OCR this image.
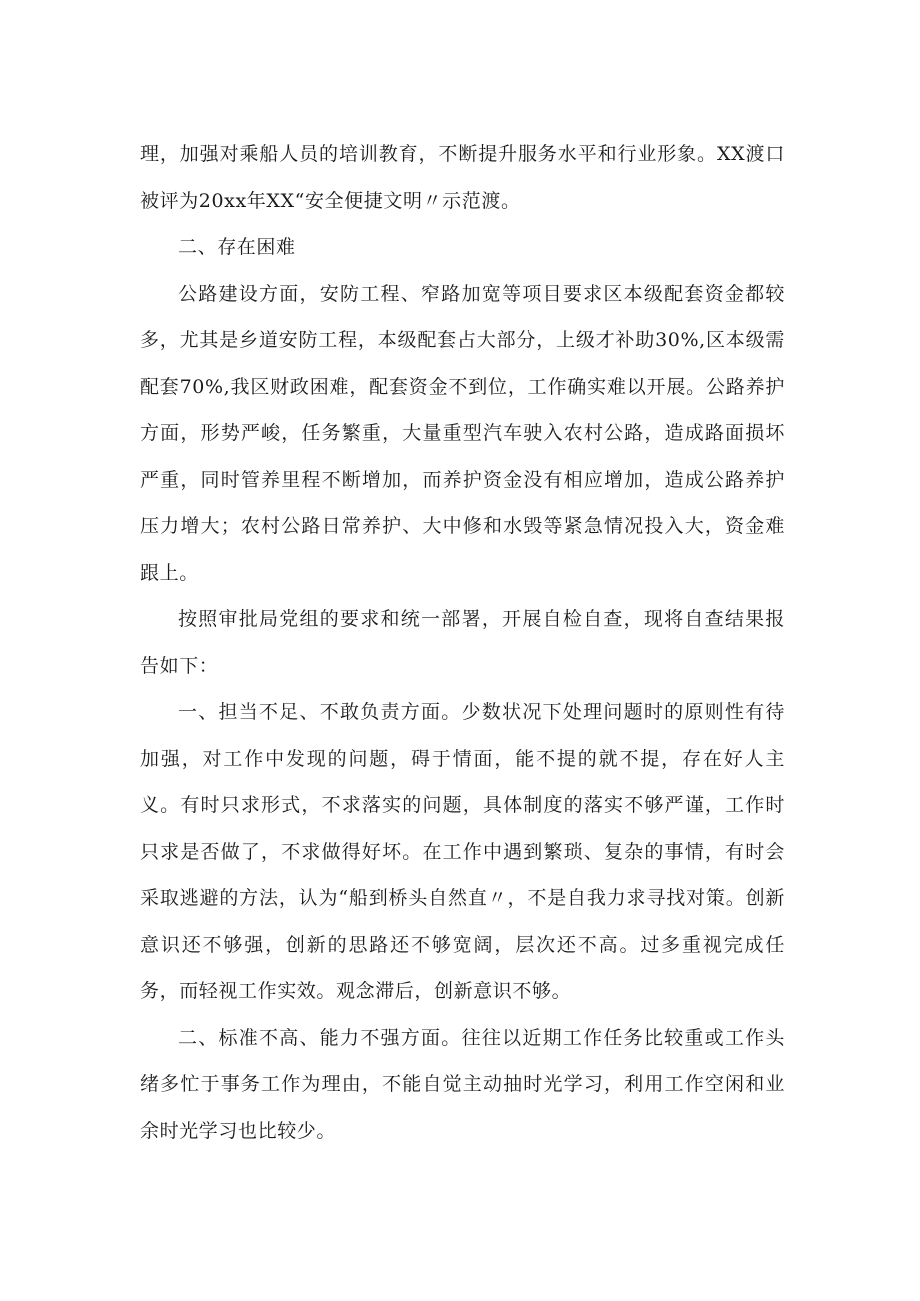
理，加强对乘船人员的培训教育，不断提升服务水平和行业形象。XX渡口被评为20xx年XX“安全便捷文明〃示范渡。

二、存在困难

公路建设方面，安防工程、窄路加宽等项目要求区本级配套资金都较多，尤其是乡道安防工程，本级配套占大部分，上级才补助30%,区本级需配套70%,我区财政困难，配套资金不到位，工作确实难以开展。公路养护方面，形势严峻，任务繁重，大量重型汽车驶入农村公路，造成路面损坏严重，同时管养里程不断增加，而养护资金没有相应增加，造成公路养护压力增大；农村公路日常养护、大中修和水毁等紧急情况投入大，资金难跟上。

按照审批局党组的要求和统一部署，开展自检自查，现将自查结果报告如下：

一、担当不足、不敢负责方面。少数状况下处理问题时的原则性有待加强，对工作中发现的问题，碍于情面，能不提的就不提，存在好人主义。有时只求形式，不求落实的问题，具体制度的落实不够严谨，工作时只求是否做了，不求做得好坏。在工作中遇到繁琐、复杂的事情，有时会采取逃避的方法，认为“船到桥头自然直〃，不是自我力求寻找对策。创新意识还不够强，创新的思路还不够宽阔，层次还不高。过多重视完成任务，而轻视工作实效。观念滞后，创新意识不够。

二、标准不高、能力不强方面。往往以近期工作任务比较重或工作头绪多忙于事务工作为理由，不能自觉主动抽时光学习，利用工作空闲和业余时光学习也比较少。
